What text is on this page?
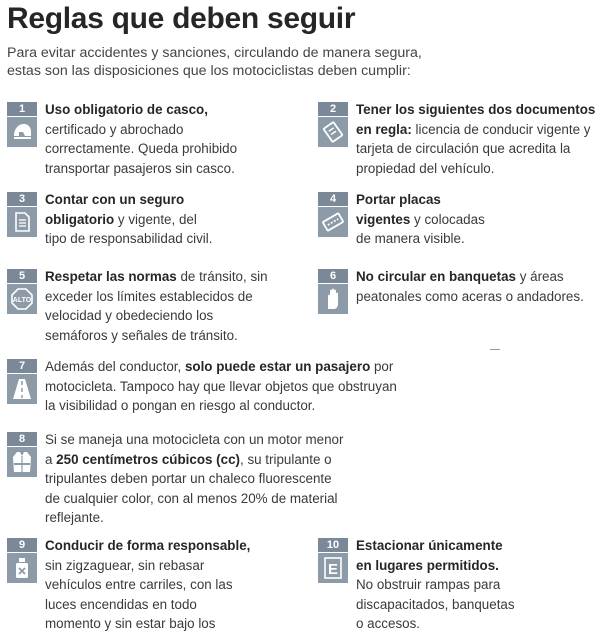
Reglas que deben seguir
Para evitar accidentes y sanciones, circulando de manera segura,
estas son las disposiciones que los motociclistas deben cumplir:
1	Uso obligatorio de casco,
certificado y abrochado
correctamente. Queda prohibido
transportar pasajeros sin casco.
2	Tener los siguientes dos documentos
en regla: licencia de conducir vigente y
tarjeta de circulación que acredita la
propiedad del vehículo.
3	Contar con un seguro
obligatorio y vigente, del
tipo de responsabilidad civil.
4	Portar placas
vigentes y colocadas
de manera visible.
5
ALTO
Respetar las normas de tránsito, sin
exceder los límites establecidos de
velocidad y obedeciendo los
semáforos y señales de tránsito.
6	No circular en banquetas y áreas
peatonales como aceras o andadores.
7	Además del conductor, solo puede estar un pasajero por
motocicleta. Tampoco hay que llevar objetos que obstruyan
la visibilidad o pongan en riesgo al conductor.
8	Si se maneja una motocicleta con un motor menor
a 250 centímetros cúbicos (cc), su tripulante o
tripulantes deben portar un chaleco fluorescente
de cualquier color, con al menos 20% de material
reflejante.
9	Conducir de forma responsable,
sin zigzaguear, sin rebasar
vehículos entre carriles, con las
luces encendidas en todo
momento y sin estar bajo los
10
E
Estacionar únicamente
en lugares permitidos.
No obstruir rampas para
discapacitados, banquetas
o accesos.
